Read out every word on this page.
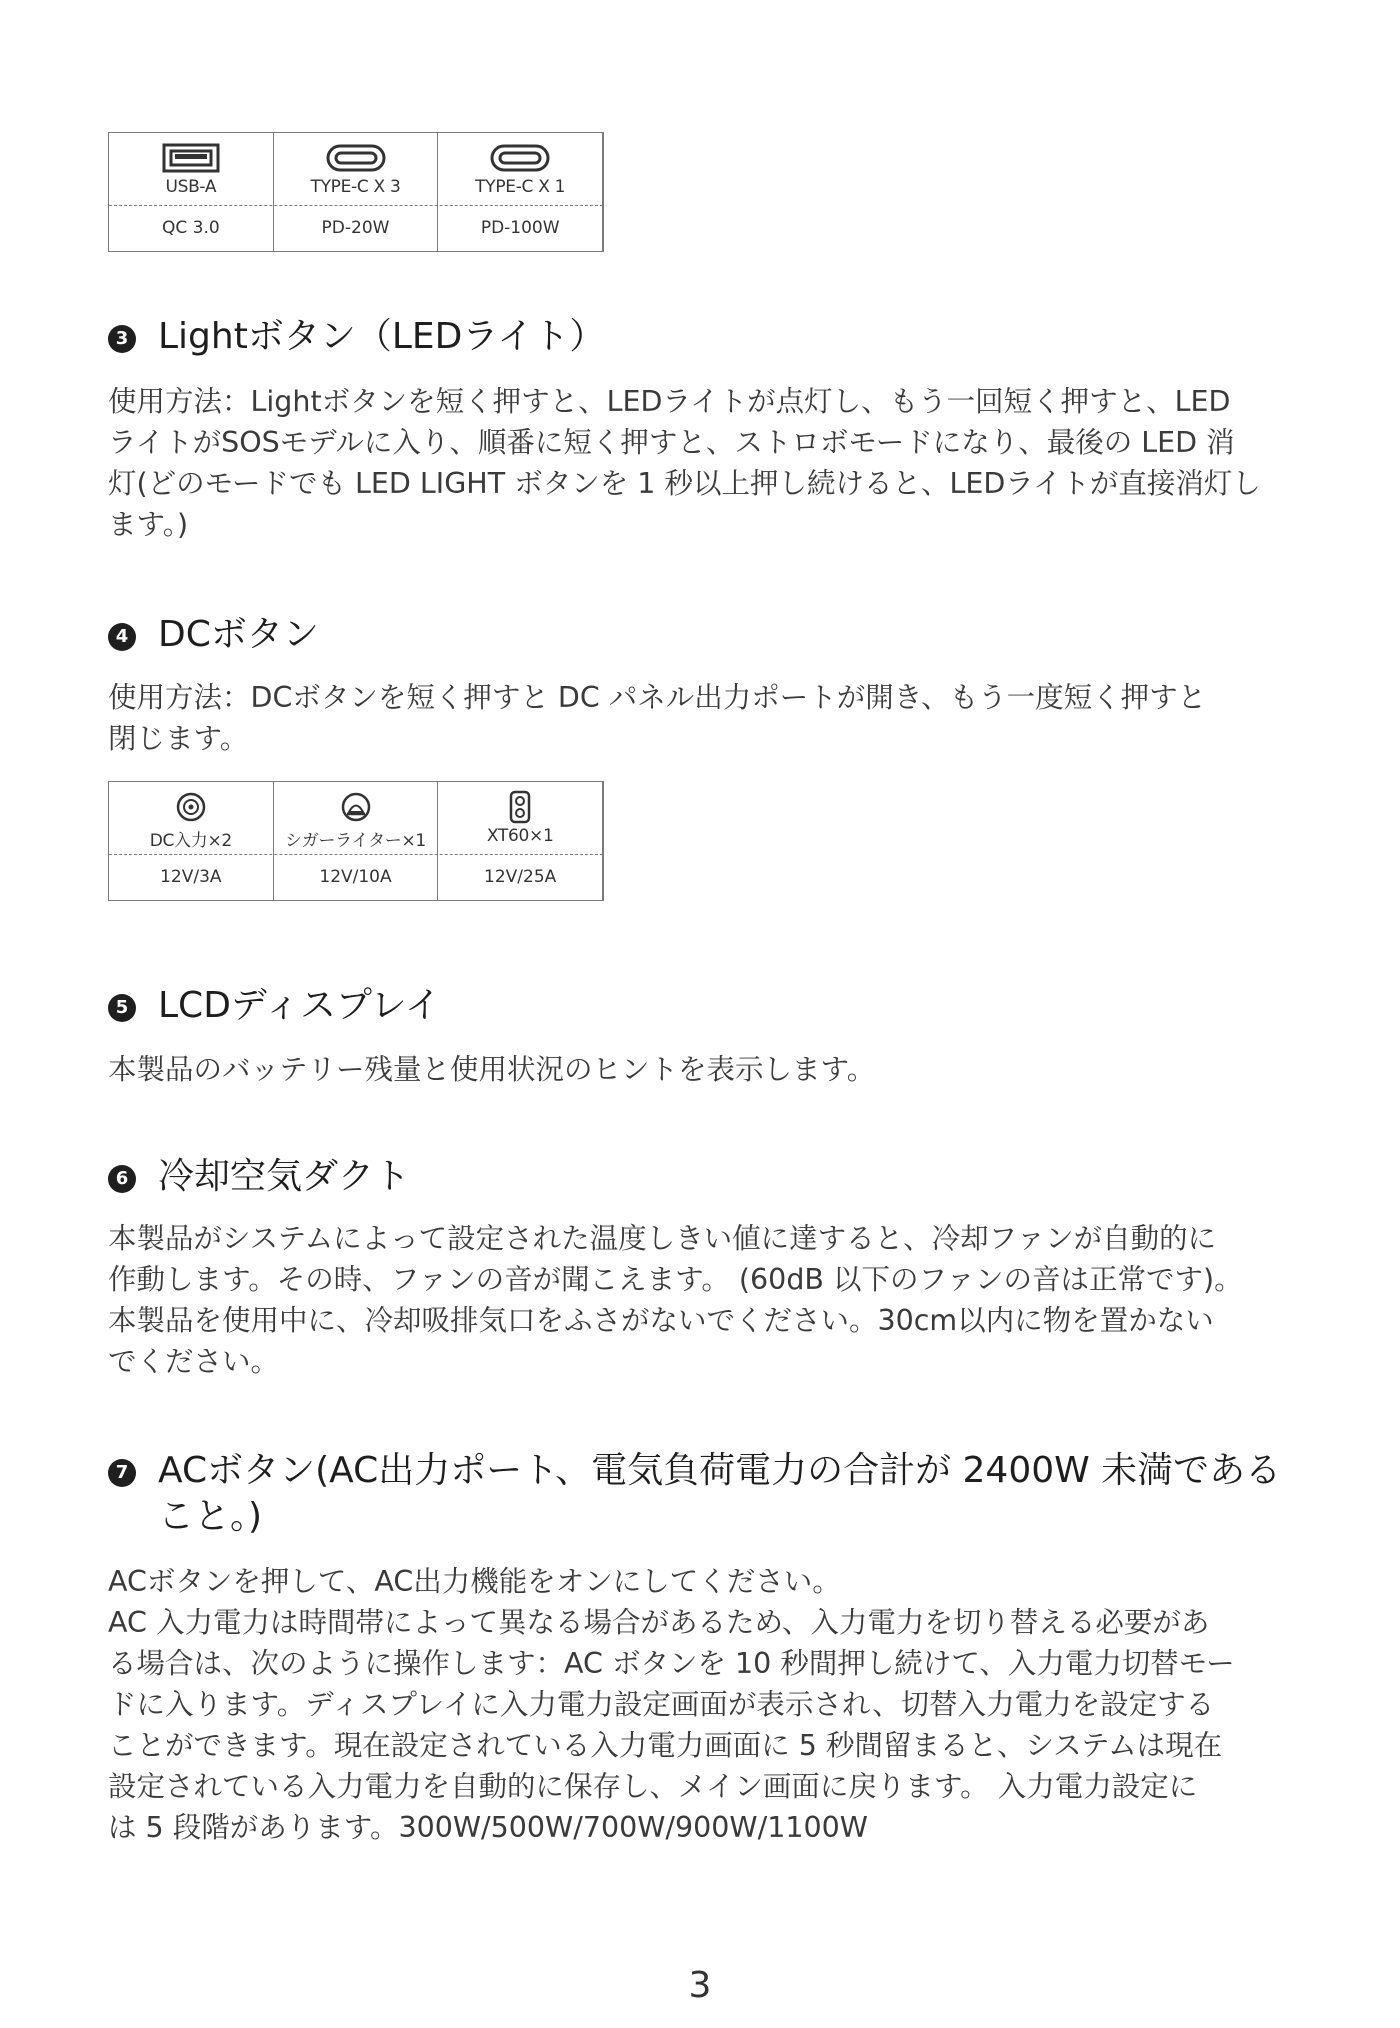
USB-A
QC 3.0
TYPE-C X 3
PD-20W
TYPE-C X 1
PD-100W
3 Lightボタン（LEDライト）
使用方法：Lightボタンを短く押すと、LEDライトが点灯し、もう一回短く押すと、LED
ライトがSOSモデルに入り、順番に短く押すと、ストロボモードになり、最後の LED 消
灯(どのモードでも LED LIGHT ボタンを 1 秒以上押し続けると、LEDライトが直接消灯し
ます。)
4 DCボタン
使用方法：DCボタンを短く押すと DC パネル出力ポートが開き、もう一度短く押すと
閉じます。
DC入力×2
12V/3A
シガーライター×1
12V/10A
XT60×1
12V/25A
5 LCDディスプレイ
本製品のバッテリー残量と使用状況のヒントを表示します。
6 冷却空気ダクト
本製品がシステムによって設定された温度しきい値に達すると、冷却ファンが自動的に
作動します。その時、ファンの音が聞こえます。 (60dB 以下のファンの音は正常です)。
本製品を使用中に、冷却吸排気口をふさがないでください。30cm以内に物を置かない
でください。
7 ACボタン(AC出力ポート、電気負荷電力の合計が 2400W 未満である
こと。)
ACボタンを押して、AC出力機能をオンにしてください。
AC 入力電力は時間帯によって異なる場合があるため、入力電力を切り替える必要があ
る場合は、次のように操作します：AC ボタンを 10 秒間押し続けて、入力電力切替モー
ドに入ります。ディスプレイに入力電力設定画面が表示され、切替入力電力を設定する
ことができます。現在設定されている入力電力画面に 5 秒間留まると、システムは現在
設定されている入力電力を自動的に保存し、メイン画面に戻ります。 入力電力設定に
は 5 段階があります。300W/500W/700W/900W/1100W
3
